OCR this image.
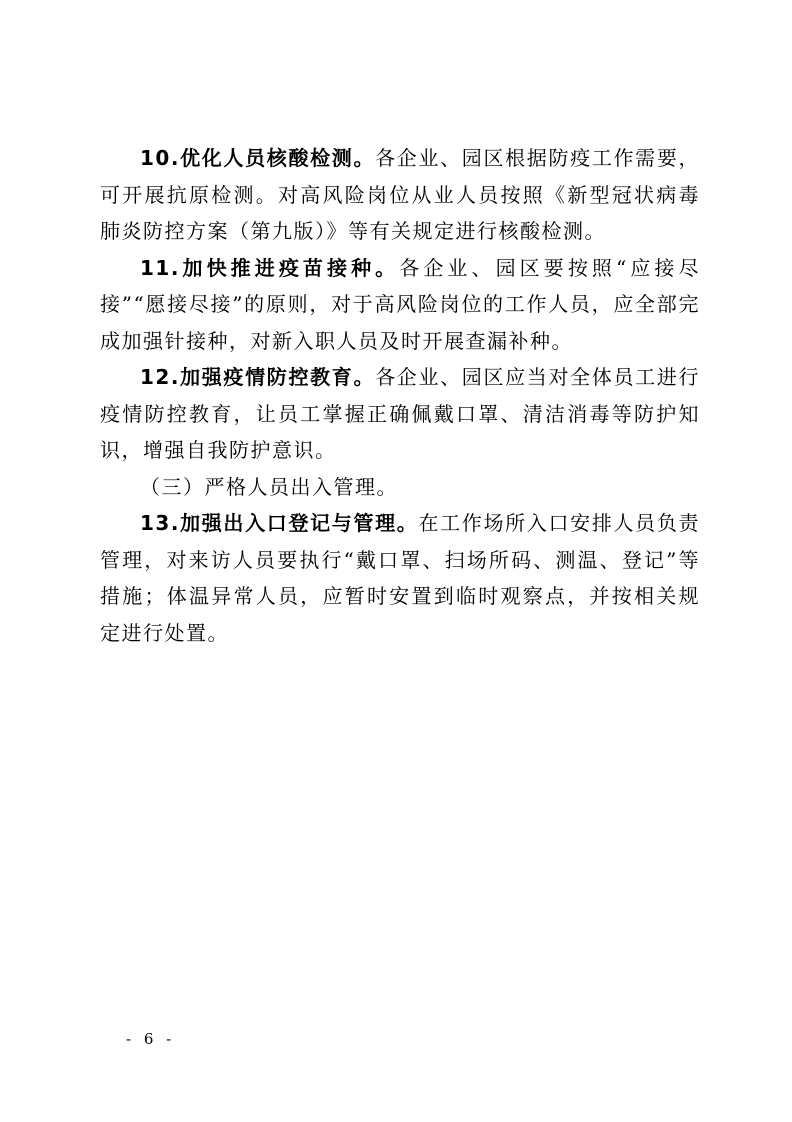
10.优化人员核酸检测。各企业、园区根据防疫工作需要，可开展抗原检测。对高风险岗位从业人员按照《新型冠状病毒肺炎防控方案（第九版）》等有关规定进行核酸检测。

11.加快推进疫苗接种。各企业、园区要按照“应接尽接”“愿接尽接”的原则，对于高风险岗位的工作人员，应全部完成加强针接种，对新入职人员及时开展查漏补种。

12.加强疫情防控教育。各企业、园区应当对全体员工进行疫情防控教育，让员工掌握正确佩戴口罩、清洁消毒等防护知识，增强自我防护意识。

（三）严格人员出入管理。

13.加强出入口登记与管理。在工作场所入口安排人员负责管理，对来访人员要执行“戴口罩、扫场所码、测温、登记”等措施；体温异常人员，应暂时安置到临时观察点，并按相关规定进行处置。

- 6 -
